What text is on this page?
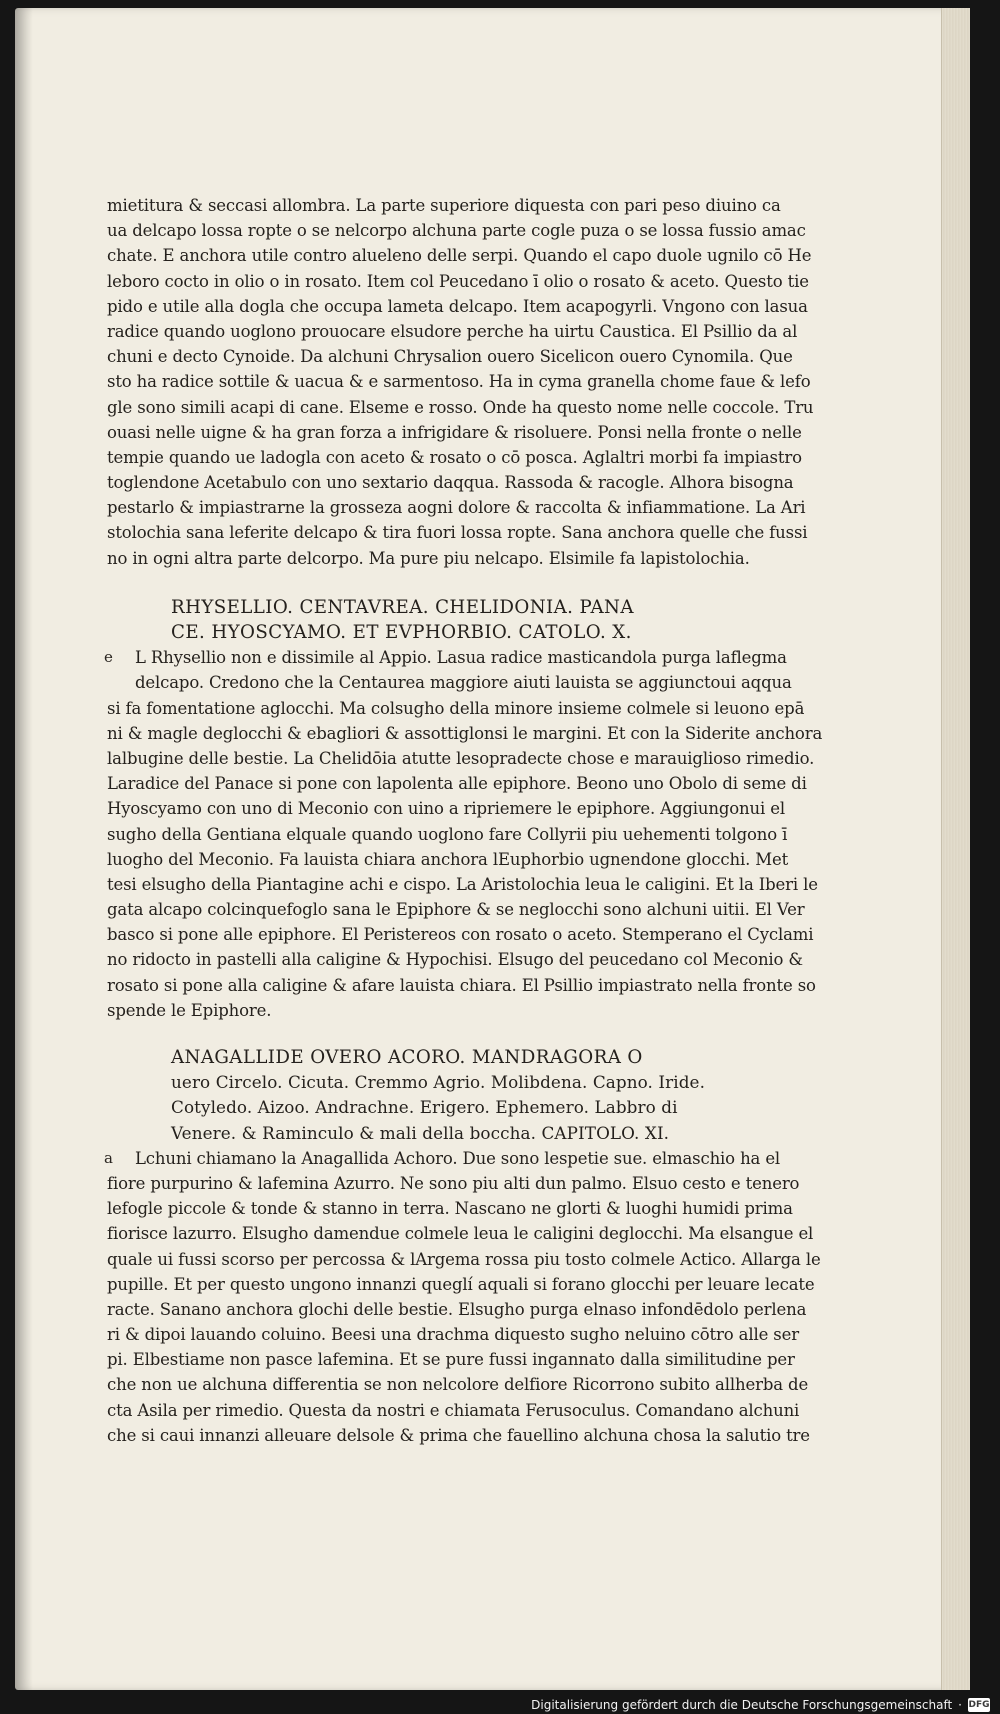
mietitura & seccasi allombra. La parte superiore diquesta con pari peso diuino ca
ua delcapo lossa ropte o se nelcorpo alchuna parte cogle puza o se lossa fussio amac
chate. E anchora utile contro alueleno delle serpi. Quando el capo duole ugnilo cō He
leboro cocto in olio o in rosato. Item col Peucedano ī olio o rosato & aceto. Questo tie
pido e utile alla dogla che occupa lameta delcapo. Item acapogyrli. Vngono con lasua
radice quando uoglono prouocare elsudore perche ha uirtu Caustica. El Psillio da al
chuni e decto Cynoide. Da alchuni Chrysalion ouero Sicelicon ouero Cynomila. Que
sto ha radice sottile & uacua & e sarmentoso. Ha in cyma granella chome faue & lefo
gle sono simili acapi di cane. Elseme e rosso. Onde ha questo nome nelle coccole. Tru
ouasi nelle uigne & ha gran forza a infrigidare & risoluere. Ponsi nella fronte o nelle
tempie quando ue ladogla con aceto & rosato o cō posca. Aglaltri morbi fa impiastro
toglendone Acetabulo con uno sextario daqqua. Rassoda & racogle. Alhora bisogna
pestarlo & impiastrarne la grosseza aogni dolore & raccolta & infiammatione. La Ari
stolochia sana leferite delcapo & tira fuori lossa ropte. Sana anchora quelle che fussi
no in ogni altra parte delcorpo. Ma pure piu nelcapo. Elsimile fa lapistolochia.
RHYSELLIO. CENTAVREA. CHELIDONIA. PANA
CE. HYOSCYAMO. ET EVPHORBIO. CATOLO. X.
e	L Rhysellio non e dissimile al Appio. Lasua radice masticandola purga laflegma
delcapo. Credono che la Centaurea maggiore aiuti lauista se aggiunctoui aqqua
si fa fomentatione aglocchi. Ma colsugho della minore insieme colmele si leuono epā
ni & magle deglocchi & ebagliori & assottiglonsi le margini. Et con la Siderite anchora
lalbugine delle bestie. La Chelidōia atutte lesopradecte chose e marauiglioso rimedio.
Laradice del Panace si pone con lapolenta alle epiphore. Beono uno Obolo di seme di
Hyoscyamo con uno di Meconio con uino a ripriemere le epiphore. Aggiungonui el
sugho della Gentiana elquale quando uoglono fare Collyrii piu uehementi tolgono ī
luogho del Meconio. Fa lauista chiara anchora lEuphorbio ugnendone glocchi. Met
tesi elsugho della Piantagine achi e cispo. La Aristolochia leua le caligini. Et la Iberi le
gata alcapo colcinquefoglo sana le Epiphore & se neglocchi sono alchuni uitii. El Ver
basco si pone alle epiphore. El Peristereos con rosato o aceto. Stemperano el Cyclami
no ridocto in pastelli alla caligine & Hypochisi. Elsugo del peucedano col Meconio &
rosato si pone alla caligine & afare lauista chiara. El Psillio impiastrato nella fronte so
spende le Epiphore.
ANAGALLIDE OVERO ACORO. MANDRAGORA O
uero Circelo. Cicuta. Cremmo Agrio. Molibdena. Capno. Iride.
Cotyledo. Aizoo. Andrachne. Erigero. Ephemero. Labbro di
Venere. & Raminculo & mali della boccha. CAPITOLO. XI.
a	Lchuni chiamano la Anagallida Achoro. Due sono lespetie sue. elmaschio ha el
fiore purpurino & lafemina Azurro. Ne sono piu alti dun palmo. Elsuo cesto e tenero
lefogle piccole & tonde & stanno in terra. Nascano ne glorti & luoghi humidi prima
fiorisce lazurro. Elsugho damendue colmele leua le caligini deglocchi. Ma elsangue el
quale ui fussi scorso per percossa & lArgema rossa piu tosto colmele Actico. Allarga le
pupille. Et per questo ungono innanzi queglí aquali si forano glocchi per leuare lecate
racte. Sanano anchora glochi delle bestie. Elsugho purga elnaso infondēdolo perlena
ri & dipoi lauando coluino. Beesi una drachma diquesto sugho neluino cōtro alle ser
pi. Elbestiame non pasce lafemina. Et se pure fussi ingannato dalla similitudine per
che non ue alchuna differentia se non nelcolore delfiore Ricorrono subito allherba de
cta Asila per rimedio. Questa da nostri e chiamata Ferusoculus. Comandano alchuni
che si caui innanzi alleuare delsole & prima che fauellino alchuna chosa la salutio tre
Digitalisierung gefördert durch die Deutsche Forschungsgemeinschaft · DFG
